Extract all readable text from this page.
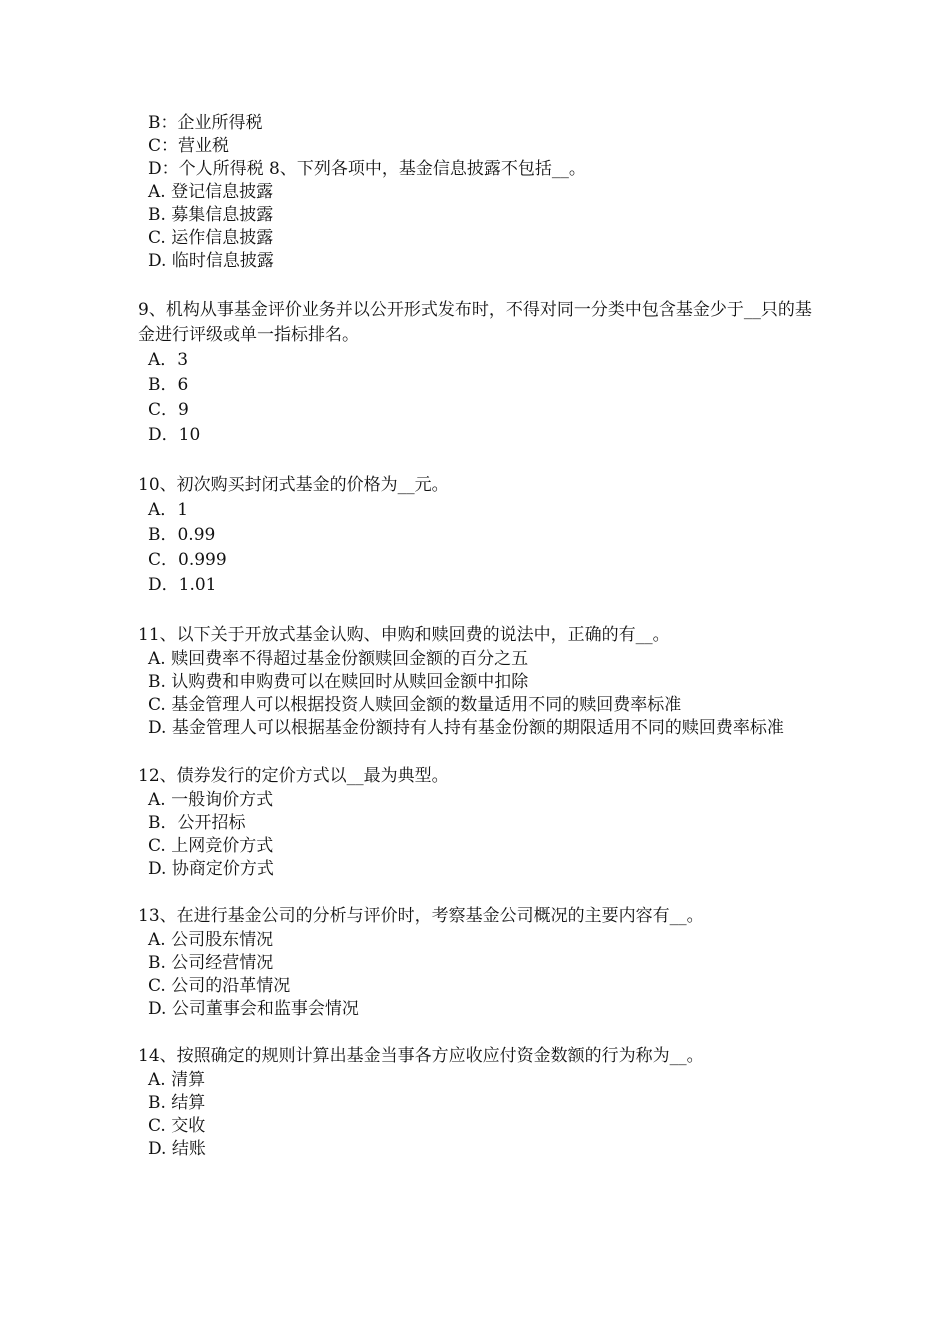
B：企业所得税
C：营业税
D：个人所得税 8、下列各项中，基金信息披露不包括__。
A. 登记信息披露
B. 募集信息披露
C. 运作信息披露
D. 临时信息披露
9、机构从事基金评价业务并以公开形式发布时，不得对同一分类中包含基金少于__只的基金进行评级或单一指标排名。
A．3
B．6
C．9
D．10
10、初次购买封闭式基金的价格为__元。
A．1
B．0.99
C．0.999
D．1.01
11、以下关于开放式基金认购、申购和赎回费的说法中，正确的有__。
A. 赎回费率不得超过基金份额赎回金额的百分之五
B. 认购费和申购费可以在赎回时从赎回金额中扣除
C. 基金管理人可以根据投资人赎回金额的数量适用不同的赎回费率标准
D. 基金管理人可以根据基金份额持有人持有基金份额的期限适用不同的赎回费率标准
12、债券发行的定价方式以__最为典型。
A. 一般询价方式
B．公开招标
C. 上网竞价方式
D. 协商定价方式
13、在进行基金公司的分析与评价时，考察基金公司概况的主要内容有__。
A. 公司股东情况
B. 公司经营情况
C. 公司的沿革情况
D. 公司董事会和监事会情况
14、按照确定的规则计算出基金当事各方应收应付资金数额的行为称为__。
A. 清算
B. 结算
C. 交收
D. 结账
